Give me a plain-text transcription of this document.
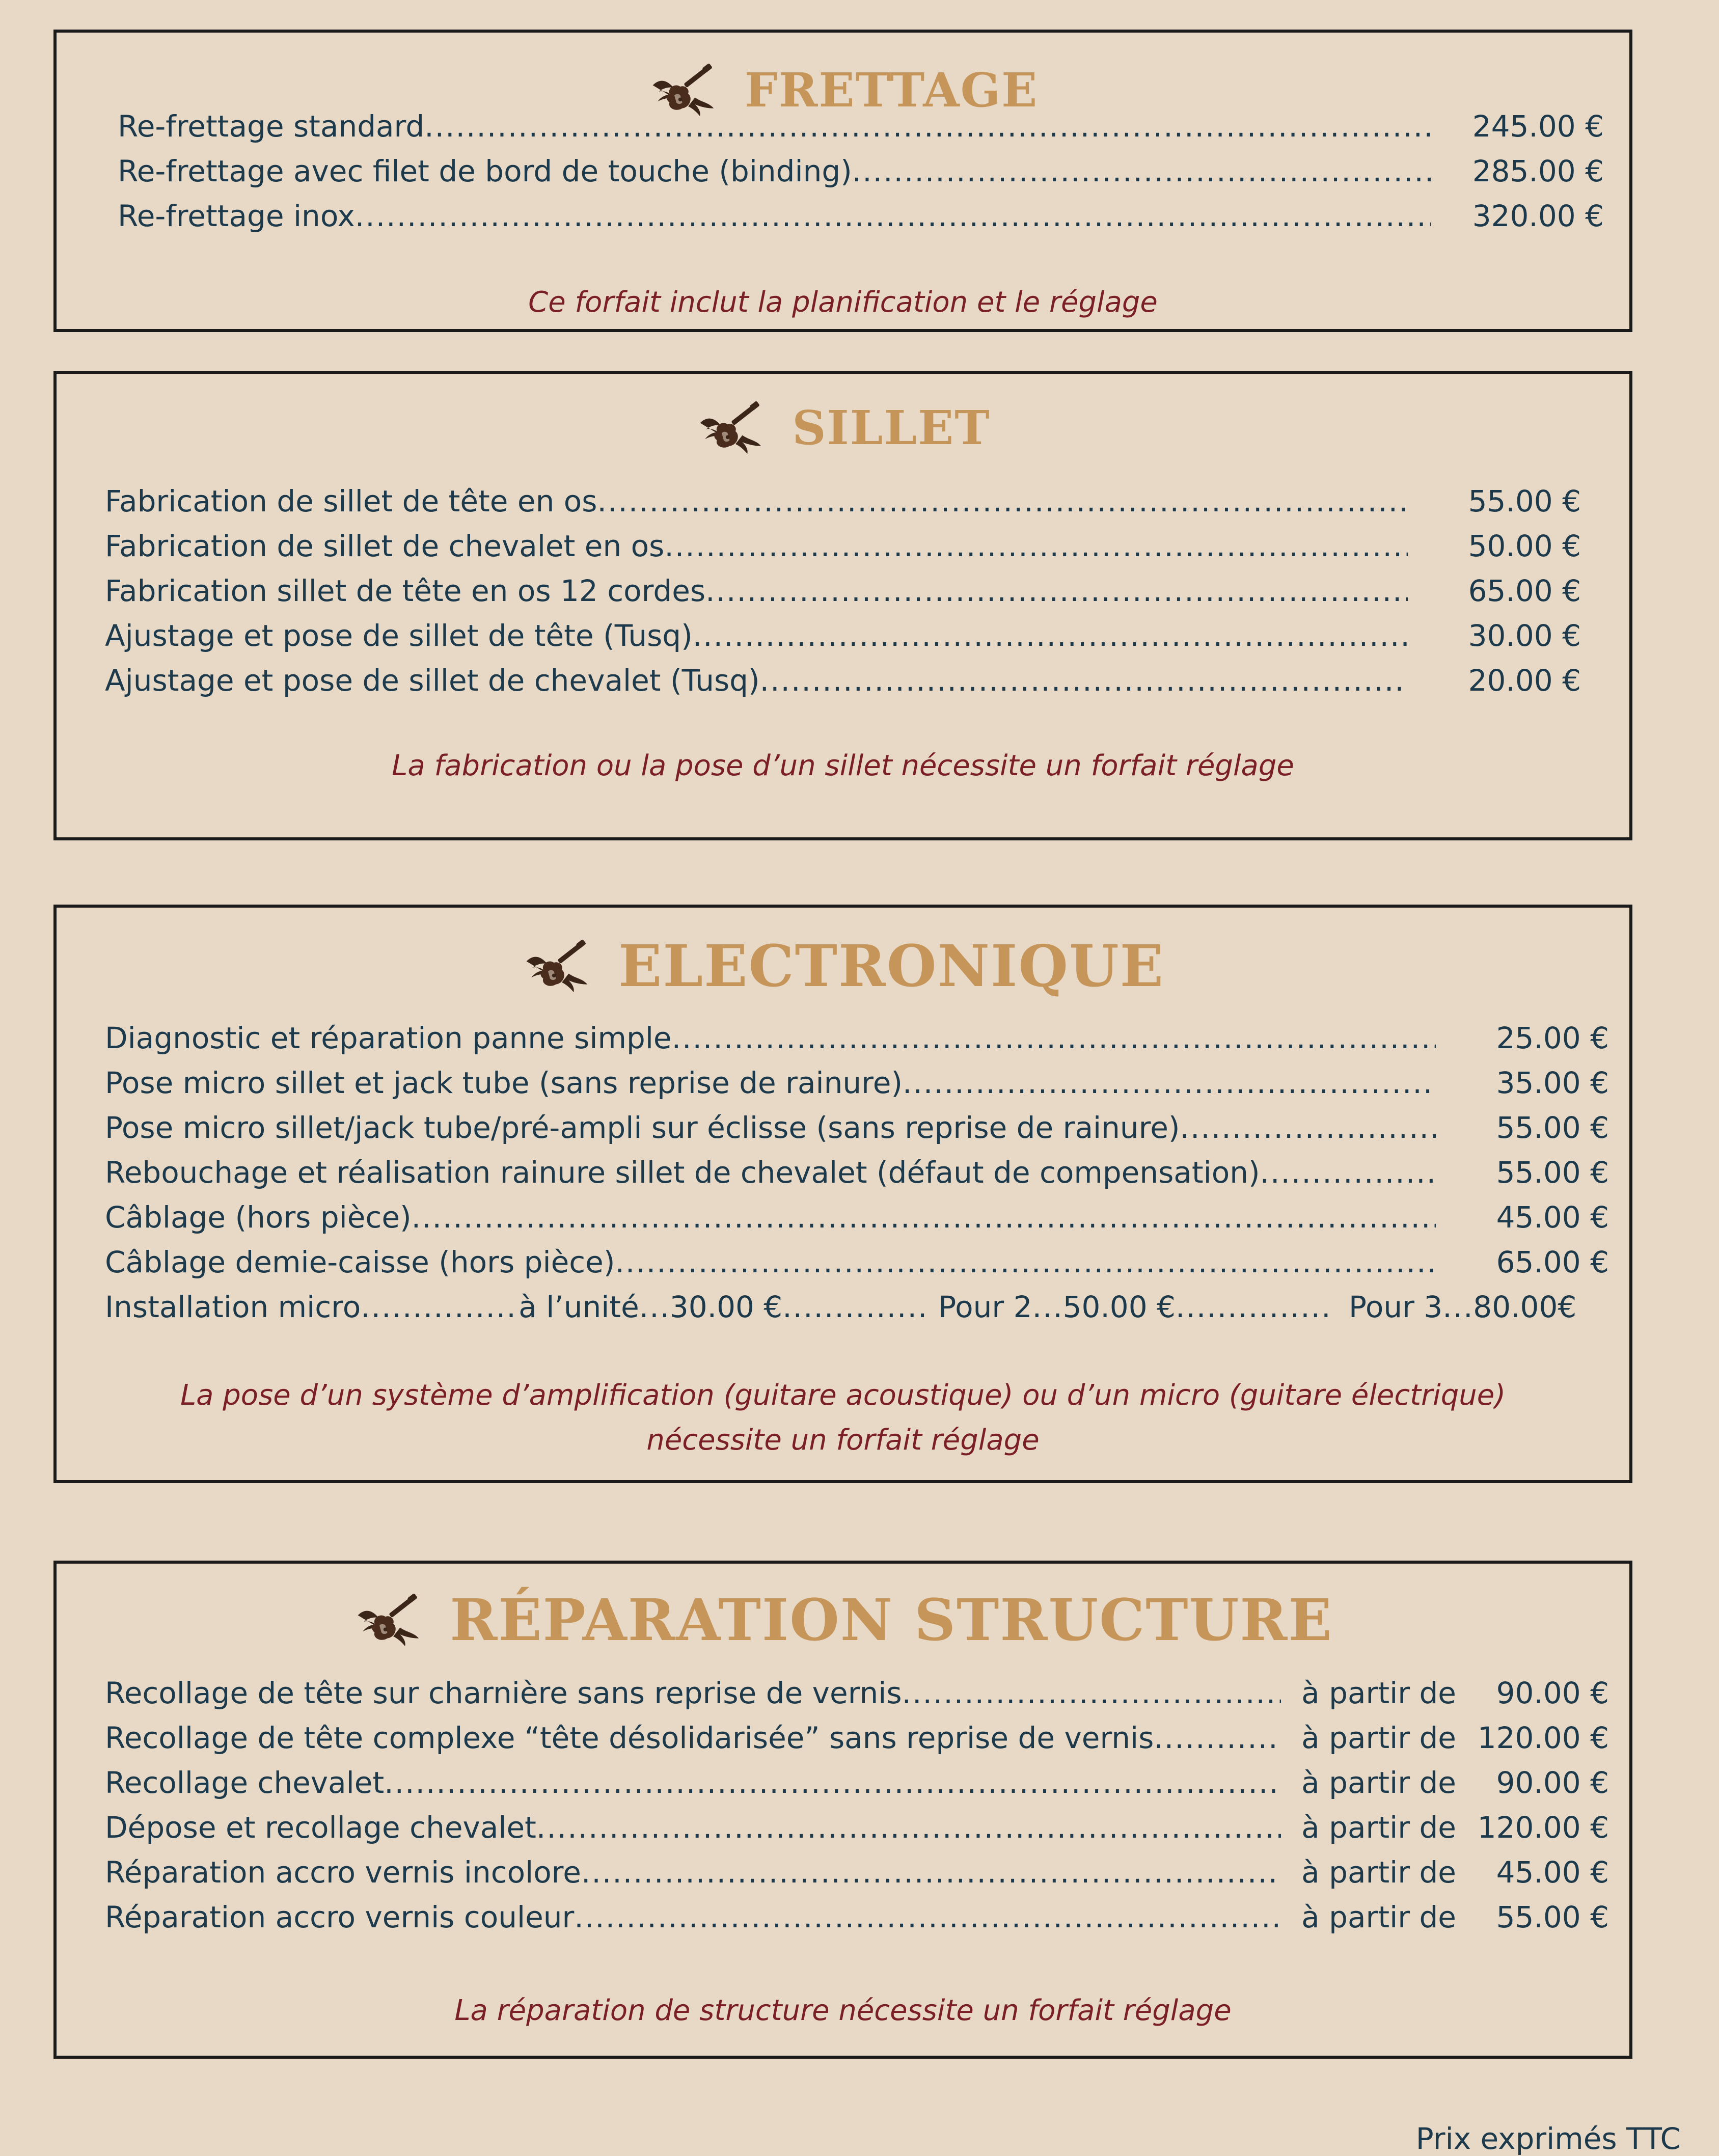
FRETTAGE
Re-frettage standard .....	245.00 €
Re-frettage avec filet de bord de touche (binding) .....	285.00 €
Re-frettage inox .....	320.00 €
Ce forfait inclut la planification et le réglage
SILLET
Fabrication de sillet de tête en os .....	55.00 €
Fabrication de sillet de chevalet en os .....	50.00 €
Fabrication sillet de tête en os 12 cordes .....	65.00 €
Ajustage et pose de sillet de tête (Tusq) .....	30.00 €
Ajustage et pose de sillet de chevalet (Tusq) .....	20.00 €
La fabrication ou la pose d’un sillet nécessite un forfait réglage
ELECTRONIQUE
Diagnostic et réparation panne simple .....	25.00 €
Pose micro sillet et jack tube (sans reprise de rainure) .....	35.00 €
Pose micro sillet/jack tube/pré-ampli sur éclisse (sans reprise de rainure) .....	55.00 €
Rebouchage et réalisation rainure sillet de chevalet (défaut de compensation) .....	55.00 €
Câblage (hors pièce) .....	45.00 €
Câblage demie-caisse (hors pièce) .....	65.00 €
Installation micro .....	à l’unité ..... 30.00 € .....	Pour 2 ..... 50.00 € .....	Pour 3 ..... 80.00€
La pose d’un système d’amplification (guitare acoustique) ou d’un micro (guitare électrique)
nécessite un forfait réglage
RÉPARATION STRUCTURE
Recollage de tête sur charnière sans reprise de vernis .....	à partir de	90.00 €
Recollage de tête complexe “tête désolidarisée” sans reprise de vernis .....	à partir de 120.00 €
Recollage chevalet .....	à partir de	90.00 €
Dépose et recollage chevalet .....	à partir de 120.00 €
Réparation accro vernis incolore .....	à partir de	45.00 €
Réparation accro vernis couleur .....	à partir de	55.00 €
La réparation de structure nécessite un forfait réglage
Prix exprimés TTC
